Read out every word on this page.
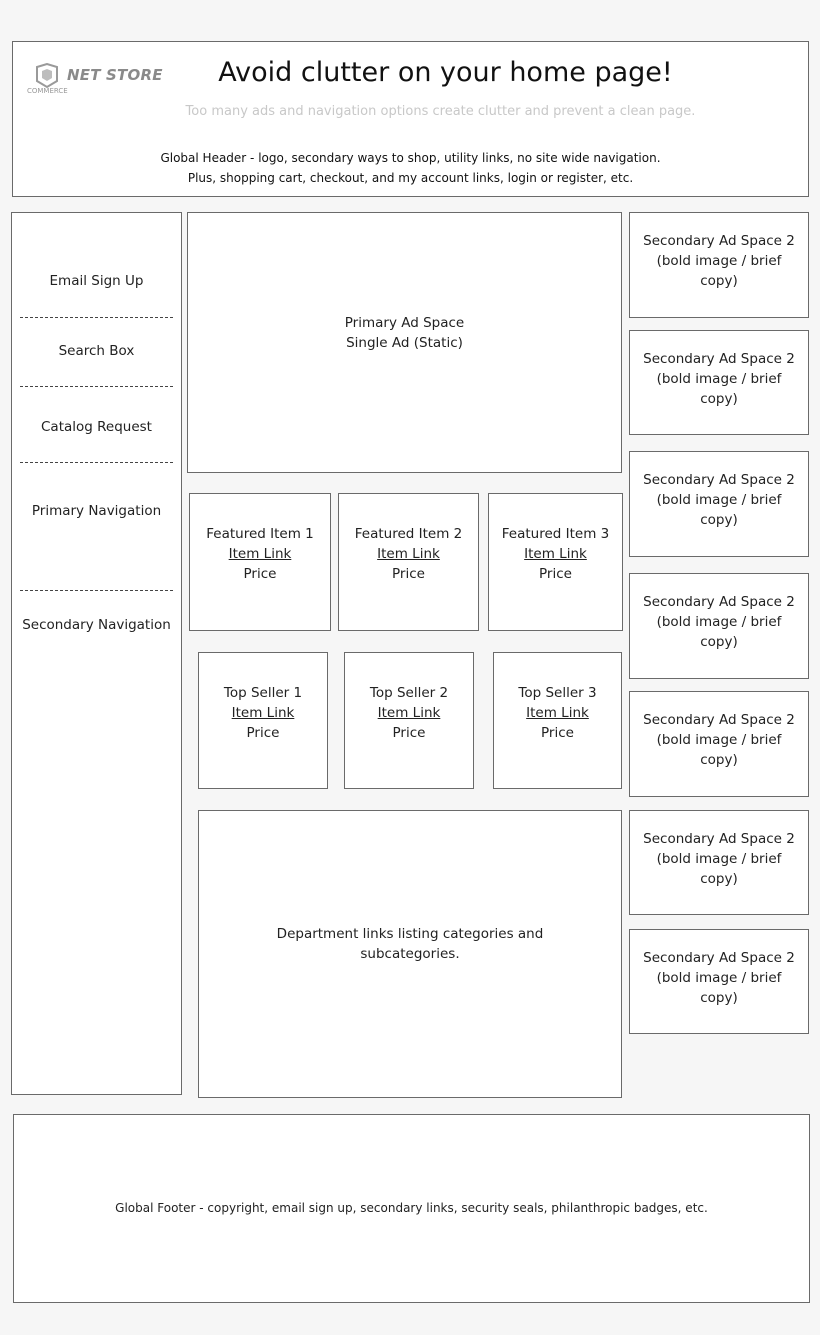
NET STORE
COMMERCE
Avoid clutter on your home page!
Too many ads and navigation options create clutter and prevent a clean page.
Global Header - logo, secondary ways to shop, utility links, no site wide navigation.
Plus, shopping cart, checkout, and my account links, login or register, etc.
Email Sign Up
Search Box
Catalog Request
Primary Navigation
Secondary Navigation
Primary Ad Space
Single Ad (Static)
Featured Item 1
Item Link
Price
Featured Item 2
Item Link
Price
Featured Item 3
Item Link
Price
Top Seller 1
Item Link
Price
Top Seller 2
Item Link
Price
Top Seller 3
Item Link
Price
Department links listing categories and
subcategories.
Secondary Ad Space 2
(bold image / brief
copy)
Secondary Ad Space 2
(bold image / brief
copy)
Secondary Ad Space 2
(bold image / brief
copy)
Secondary Ad Space 2
(bold image / brief
copy)
Secondary Ad Space 2
(bold image / brief
copy)
Secondary Ad Space 2
(bold image / brief
copy)
Secondary Ad Space 2
(bold image / brief
copy)
Global Footer - copyright, email sign up, secondary links, security seals, philanthropic badges, etc.
